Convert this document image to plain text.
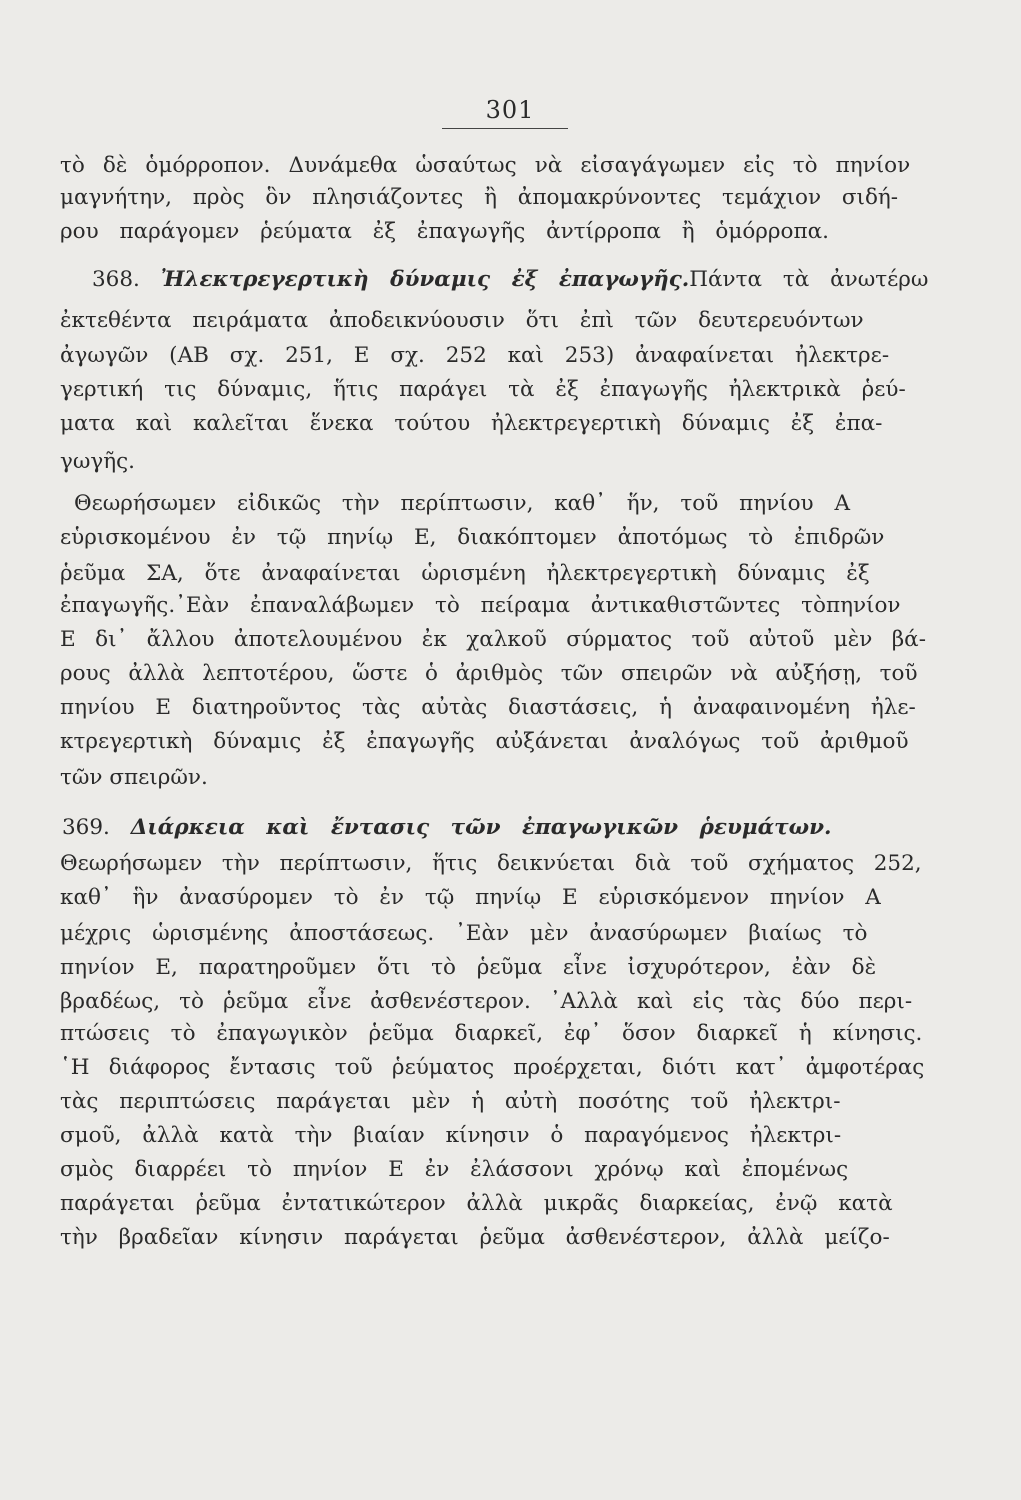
301
τὸ δὲ ὁμόρροπον. Δυνάμεθα ὡσαύτως νὰ εἰσαγάγωμεν εἰς τὸ πηνίον
μαγνήτην, πρὸς ὃν πλησιάζοντες ἢ ἀπομακρύνοντες τεμάχιον σιδή-
ρου παράγομεν ῥεύματα ἐξ ἐπαγωγῆς ἀντίρροπα ἢ ὁμόρροπα.
368. Ἠλεκτρεγερτικὴ δύναμις ἐξ ἐπαγωγῆς.Πάντα τὰ ἀνωτέρω
ἐκτεθέντα πειράματα ἀποδεικνύουσιν ὅτι ἐπὶ τῶν δευτερευόντων
ἀγωγῶν (ΑΒ σχ. 251, Ε σχ. 252 καὶ 253) ἀναφαίνεται ἠλεκτρε-
γερτική τις δύναμις, ἥτις παράγει τὰ ἐξ ἐπαγωγῆς ἠλεκτρικὰ ῥεύ-
ματα καὶ καλεῖται ἕνεκα τούτου ἠλεκτρεγερτικὴ δύναμις ἐξ ἐπα-
γωγῆς.
Θεωρήσωμεν εἰδικῶς τὴν περίπτωσιν, καθ᾽ ἥν, τοῦ πηνίου Α
εὑρισκομένου ἐν τῷ πηνίῳ Ε, διακόπτομεν ἀποτόμως τὸ ἐπιδρῶν
ῥεῦμα ΣΑ, ὅτε ἀναφαίνεται ὡρισμένη ἠλεκτρεγερτικὴ δύναμις ἐξ
ἐπαγωγῆς.᾽Εὰν ἐπαναλάβωμεν τὸ πείραμα ἀντικαθιστῶντες τὸπηνίον
Ε δι᾽ ἄλλου ἀποτελουμένου ἐκ χαλκοῦ σύρματος τοῦ αὐτοῦ μὲν βά-
ρους ἀλλὰ λεπτοτέρου, ὥστε ὁ ἀριθμὸς τῶν σπειρῶν νὰ αὐξήσῃ, τοῦ
πηνίου Ε διατηροῦντος τὰς αὐτὰς διαστάσεις, ἡ ἀναφαινομένη ἠλε-
κτρεγερτικὴ δύναμις ἐξ ἐπαγωγῆς αὐξάνεται ἀναλόγως τοῦ ἀριθμοῦ
τῶν σπειρῶν.
369. Διάρκεια καὶ ἔντασις τῶν ἐπαγωγικῶν ῥευμάτων.
Θεωρήσωμεν τὴν περίπτωσιν, ἥτις δεικνύεται διὰ τοῦ σχήματος 252,
καθ᾽ ἣν ἀνασύρομεν τὸ ἐν τῷ πηνίῳ Ε εὑρισκόμενον πηνίον Α
μέχρις ὡρισμένης ἀποστάσεως. ᾽Εὰν μὲν ἀνασύρωμεν βιαίως τὸ
πηνίον Ε, παρατηροῦμεν ὅτι τὸ ῥεῦμα εἶνε ἰσχυρότερον, ἐὰν δὲ
βραδέως, τὸ ῥεῦμα εἶνε ἀσθενέστερον. ᾽Αλλὰ καὶ εἰς τὰς δύο περι-
πτώσεις τὸ ἐπαγωγικὸν ῥεῦμα διαρκεῖ, ἐφ᾽ ὅσον διαρκεῖ ἡ κίνησις.
῾Η διάφορος ἔντασις τοῦ ῥεύματος προέρχεται, διότι κατ᾽ ἀμφοτέρας
τὰς περιπτώσεις παράγεται μὲν ἡ αὐτὴ ποσότης τοῦ ἠλεκτρι-
σμοῦ, ἀλλὰ κατὰ τὴν βιαίαν κίνησιν ὁ παραγόμενος ἠλεκτρι-
σμὸς διαρρέει τὸ πηνίον Ε ἐν ἐλάσσονι χρόνῳ καὶ ἐπομένως
παράγεται ῥεῦμα ἐντατικώτερον ἀλλὰ μικρᾶς διαρκείας, ἐνῷ κατὰ
τὴν βραδεῖαν κίνησιν παράγεται ῥεῦμα ἀσθενέστερον, ἀλλὰ μείζο-
